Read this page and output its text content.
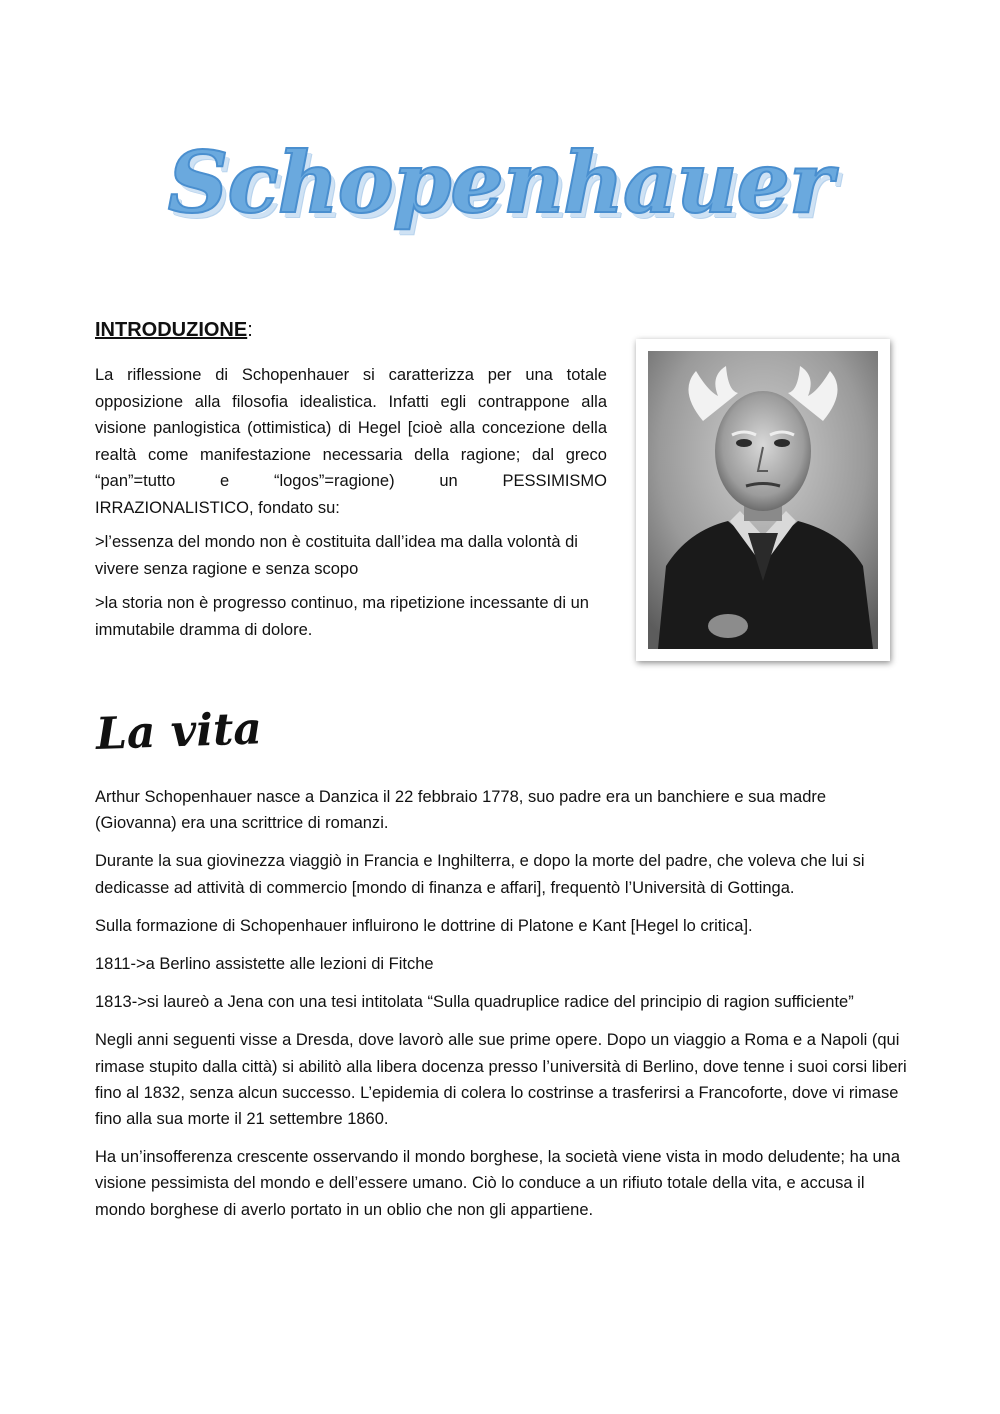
Schopenhauer
INTRODUZIONE:

La riflessione di Schopenhauer si caratterizza per una totale opposizione alla filosofia idealistica. Infatti egli contrappone alla visione panlogistica (ottimistica) di Hegel [cioè alla concezione della realtà come manifestazione necessaria della ragione; dal greco “pan”=tutto e “logos”=ragione) un PESSIMISMO IRRAZIONALISTICO, fondato su:

>l’essenza del mondo non è costituita dall’idea ma dalla volontà di vivere senza ragione e senza scopo

>la storia non è progresso continuo, ma ripetizione incessante di un immutabile dramma di dolore.

La vita

Arthur Schopenhauer nasce a Danzica il 22 febbraio 1778, suo padre era un banchiere e sua madre (Giovanna) era una scrittrice di romanzi.

Durante la sua giovinezza viaggiò in Francia e Inghilterra, e dopo la morte del padre, che voleva che lui si dedicasse ad attività di commercio [mondo di finanza e affari], frequentò l’Università di Gottinga.

Sulla formazione di Schopenhauer influirono le dottrine di Platone e Kant [Hegel lo critica].

1811->a Berlino assistette alle lezioni di Fitche

1813->si laureò a Jena con una tesi intitolata “Sulla quadruplice radice del principio di ragion sufficiente”

Negli anni seguenti visse a Dresda, dove lavorò alle sue prime opere. Dopo un viaggio a Roma e a Napoli (qui rimase stupito dalla città) si abilitò alla libera docenza presso l’università di Berlino, dove tenne i suoi corsi liberi fino al 1832, senza alcun successo. L’epidemia di colera lo costrinse a trasferirsi a Francoforte, dove vi rimase fino alla sua morte il 21 settembre 1860.

Ha un’insofferenza crescente osservando il mondo borghese, la società viene vista in modo deludente; ha una visione pessimista del mondo e dell’essere umano. Ciò lo conduce a un rifiuto totale della vita, e accusa il mondo borghese di averlo portato in un oblio che non gli appartiene.
